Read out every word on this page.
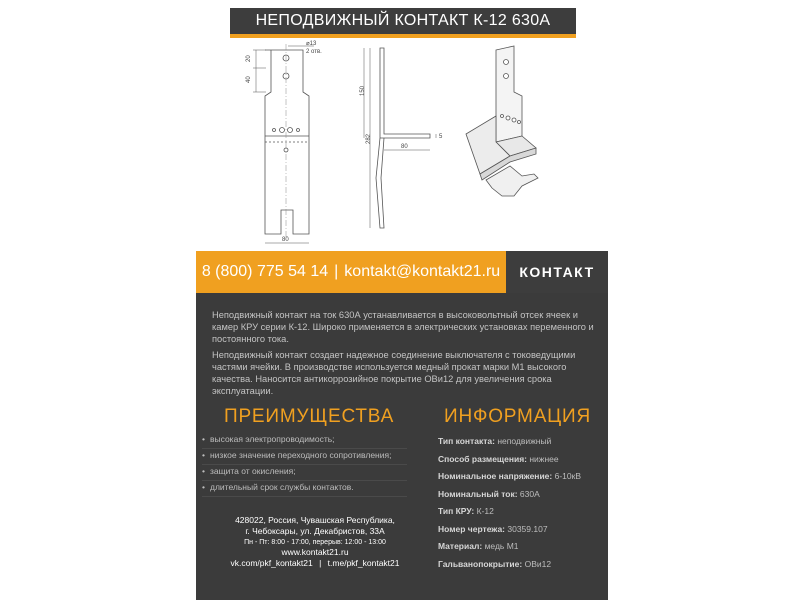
НЕПОДВИЖНЫЙ КОНТАКТ К-12 630А
⌀13
2 отв.
20
40
80
150
282
80
5
8 (800) 775 54 14 | kontakt@kontakt21.ru КОНТАКТ
Неподвижный контакт на ток 630А устанавливается в высоковольтный отсек ячеек и камер КРУ серии К-12. Широко применяется в электрических установках переменного и постоянного тока.
Неподвижный контакт создает надежное соединение выключателя с токоведущими частями ячейки. В производстве используется медный прокат марки М1 высокого качества. Наносится антикоррозийное покрытие ОВи12 для увеличения срока эксплуатации.
ПРЕИМУЩЕСТВА	ИНФОРМАЦИЯ
• высокая электропроводимость;
• низкое значение переходного сопротивления;
• защита от окисления;
• длительный срок службы контактов.
Тип контакта: неподвижный
Способ размещения: нижнее
Номинальное напряжение: 6-10кВ
Номинальный ток: 630А
Тип КРУ: К-12
Номер чертежа: 30359.107
Материал: медь М1
Гальванопокрытие: ОВи12
428022, Россия, Чувашская Республика,
г. Чебоксары, ул. Декабристов, 33А
Пн - Пт: 8:00 - 17:00, перерыв: 12:00 - 13:00
www.kontakt21.ru
vk.com/pkf_kontakt21 | t.me/pkf_kontakt21
